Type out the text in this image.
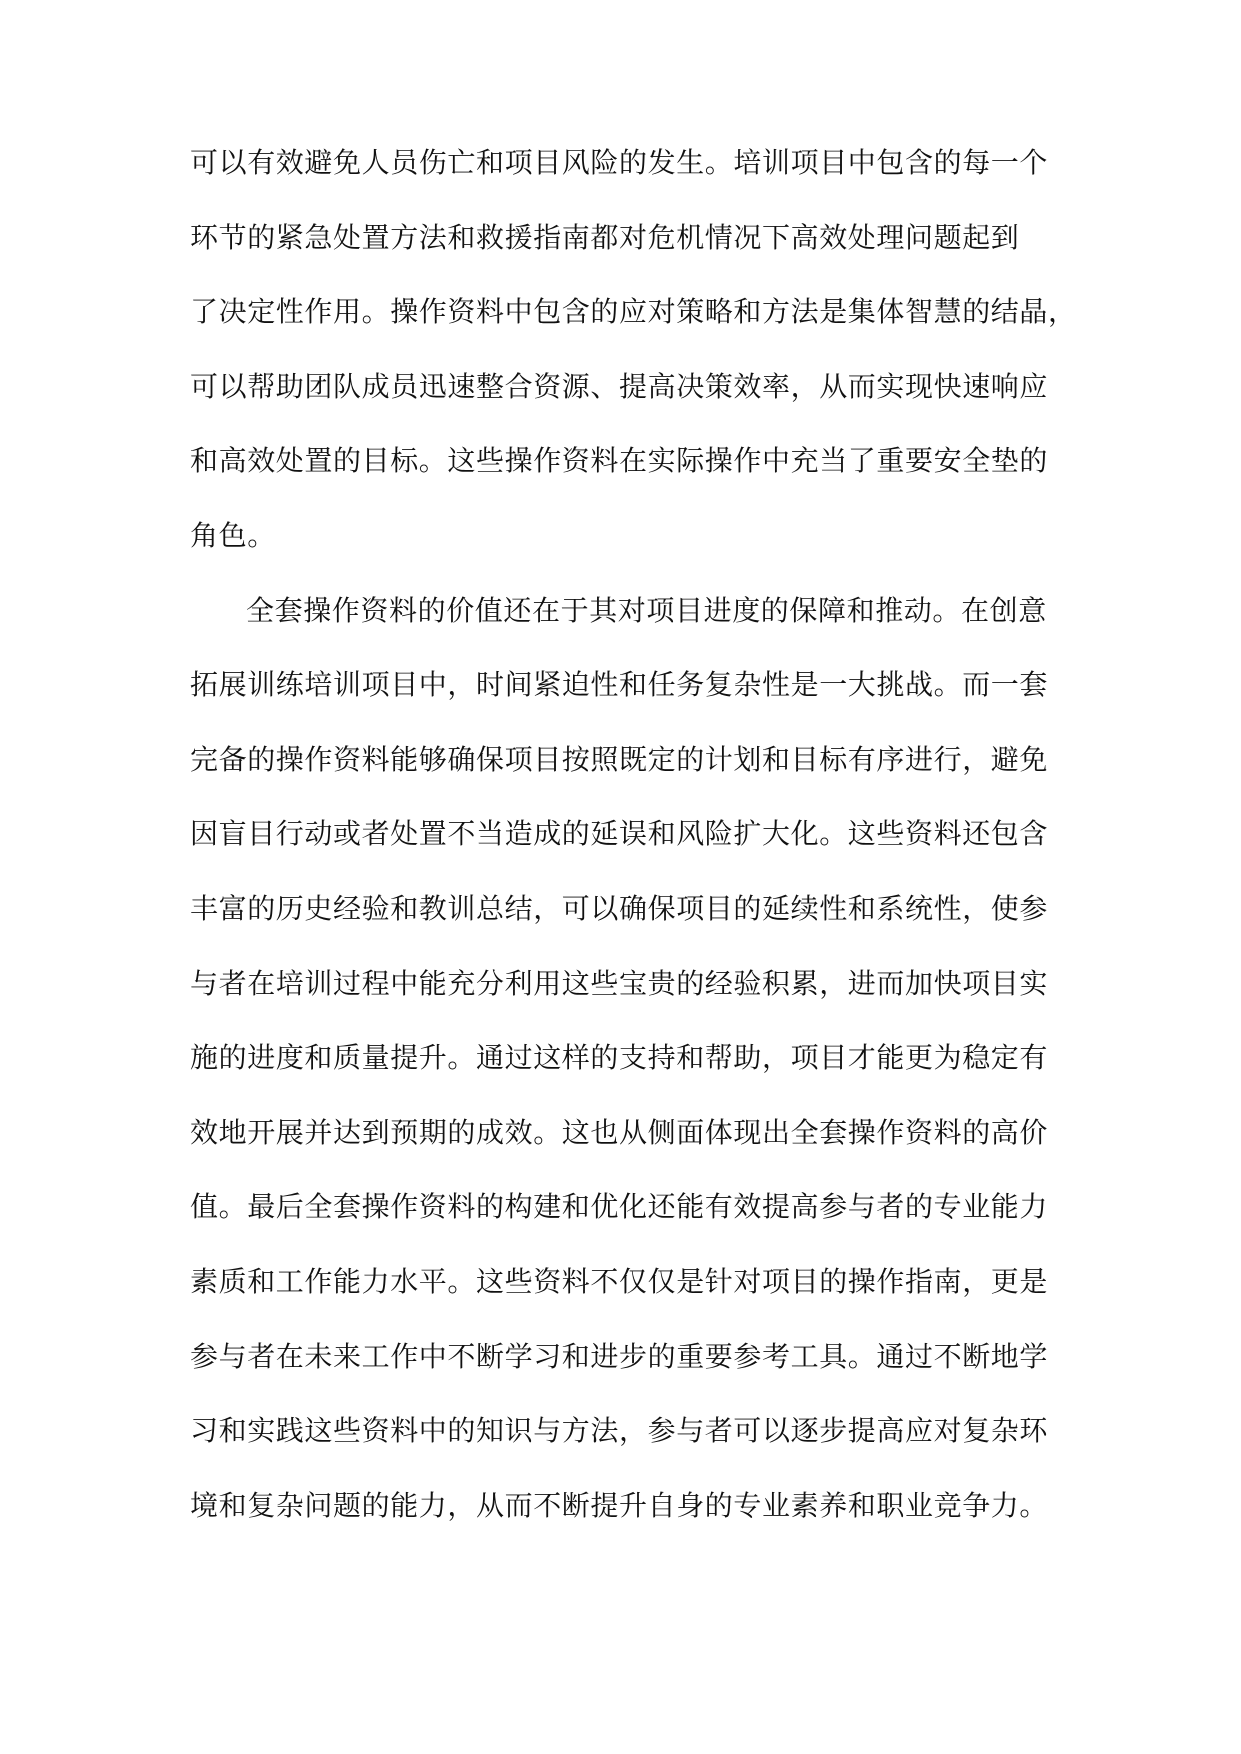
可以有效避免人员伤亡和项目风险的发生。培训项目中包含的每一个
环节的紧急处置方法和救援指南都对危机情况下高效处理问题起到
了决定性作用。操作资料中包含的应对策略和方法是集体智慧的结晶，
可以帮助团队成员迅速整合资源、提高决策效率，从而实现快速响应
和高效处置的目标。这些操作资料在实际操作中充当了重要安全垫的
角色。
全套操作资料的价值还在于其对项目进度的保障和推动。在创意
拓展训练培训项目中，时间紧迫性和任务复杂性是一大挑战。而一套
完备的操作资料能够确保项目按照既定的计划和目标有序进行，避免
因盲目行动或者处置不当造成的延误和风险扩大化。这些资料还包含
丰富的历史经验和教训总结，可以确保项目的延续性和系统性，使参
与者在培训过程中能充分利用这些宝贵的经验积累，进而加快项目实
施的进度和质量提升。通过这样的支持和帮助，项目才能更为稳定有
效地开展并达到预期的成效。这也从侧面体现出全套操作资料的高价
值。最后全套操作资料的构建和优化还能有效提高参与者的专业能力
素质和工作能力水平。这些资料不仅仅是针对项目的操作指南，更是
参与者在未来工作中不断学习和进步的重要参考工具。通过不断地学
习和实践这些资料中的知识与方法，参与者可以逐步提高应对复杂环
境和复杂问题的能力，从而不断提升自身的专业素养和职业竞争力。
